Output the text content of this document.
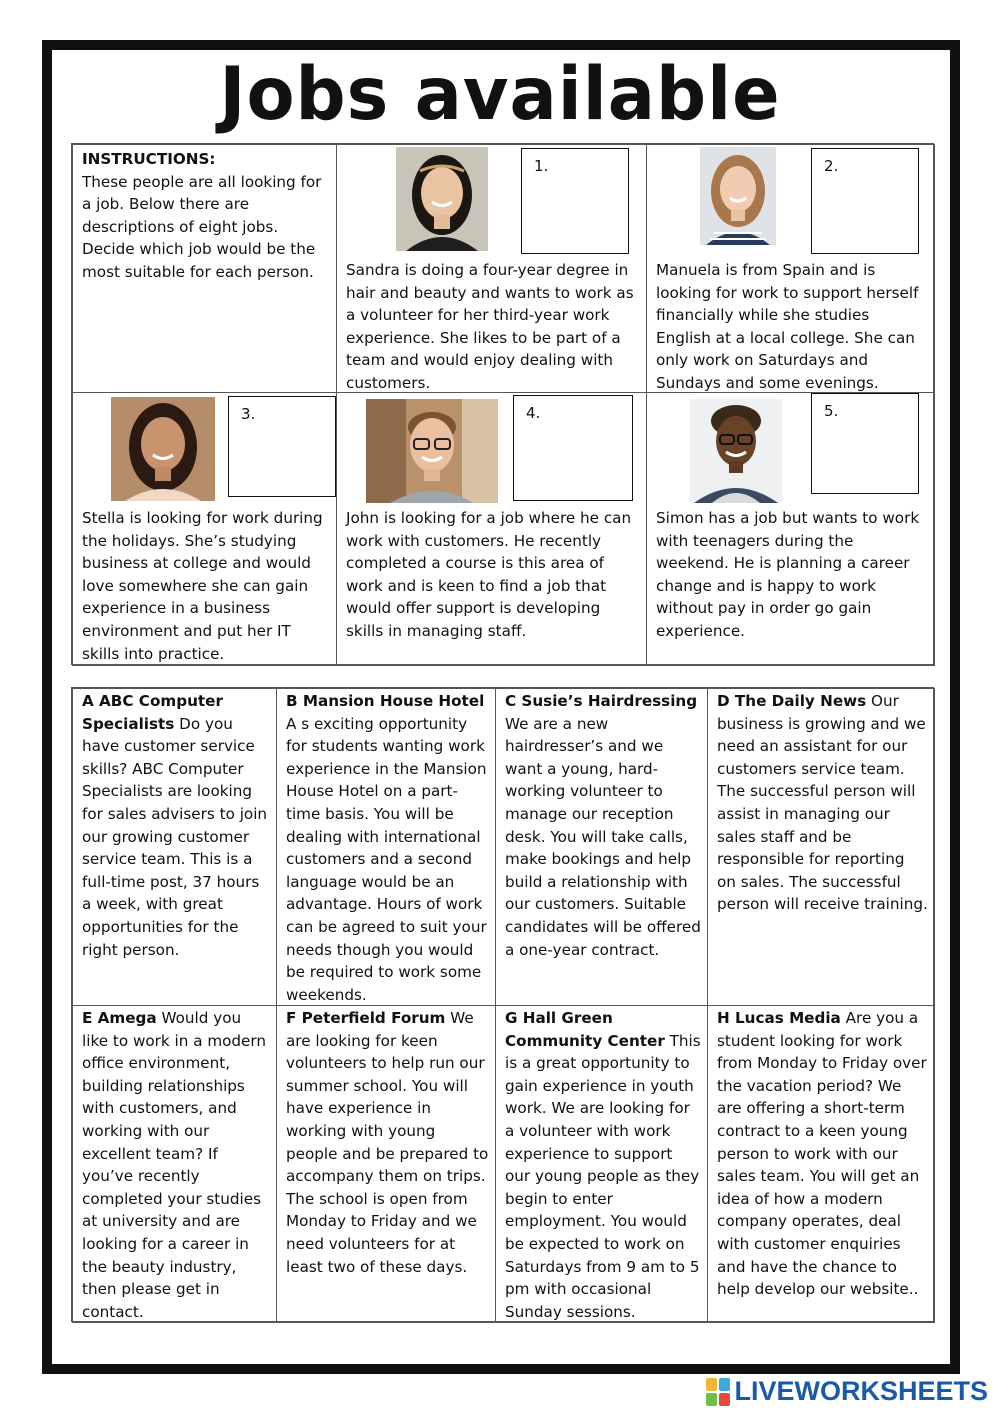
Jobs available
INSTRUCTIONS:
These people are all looking for a job. Below there are descriptions of eight jobs. Decide which job would be the most suitable for each person.
1.
Sandra is doing a four-year degree in hair and beauty and wants to work as a volunteer for her third-year work experience. She likes to be part of a team and would enjoy dealing with customers.
2.
Manuela is from Spain and is looking for work to support herself financially while she studies English at a local college. She can only work on Saturdays and Sundays and some evenings.
3.
Stella is looking for work during the holidays. She’s studying business at college and would love somewhere she can gain experience in a business environment and put her IT skills into practice.
4.
John is looking for a job where he can work with customers. He recently completed a course is this area of work and is keen to find a job that would offer support is developing skills in managing staff.
5.
Simon has a job but wants to work with teenagers during the weekend. He is planning a career change and is happy to work without pay in order go gain experience.
A ABC Computer Specialists Do you have customer service skills? ABC Computer Specialists are looking for sales advisers to join our growing customer service team. This is a full-time post, 37 hours a week, with great opportunities for the right person.
B Mansion House Hotel A s exciting opportunity for students wanting work experience in the Mansion House Hotel on a part-time basis. You will be dealing with international customers and a second language would be an advantage. Hours of work can be agreed to suit your needs though you would be required to work some weekends.
C Susie’s Hairdressing We are a new hairdresser’s and we want a young, hard-working volunteer to manage our reception desk. You will take calls, make bookings and help build a relationship with our customers. Suitable candidates will be offered a one-year contract.
D The Daily News Our business is growing and we need an assistant for our customers service team. The successful person will assist in managing our sales staff and be responsible for reporting on sales. The successful person will receive training.
E Amega Would you like to work in a modern office environment, building relationships with customers, and working with our excellent team? If you’ve recently completed your studies at university and are looking for a career in the beauty industry, then please get in contact.
F Peterfield Forum We are looking for keen volunteers to help run our summer school. You will have experience in working with young people and be prepared to accompany them on trips. The school is open from Monday to Friday and we need volunteers for at least two of these days.
G Hall Green Community Center This is a great opportunity to gain experience in youth work. We are looking for a volunteer with work experience to support our young people as they begin to enter employment. You would be expected to work on Saturdays from 9 am to 5 pm with occasional Sunday sessions.
H Lucas Media Are you a student looking for work from Monday to Friday over the vacation period? We are offering a short-term contract to a keen young person to work with our sales team. You will get an idea of how a modern company operates, deal with customer enquiries and have the chance to help develop our website..
LIVEWORKSHEETS
